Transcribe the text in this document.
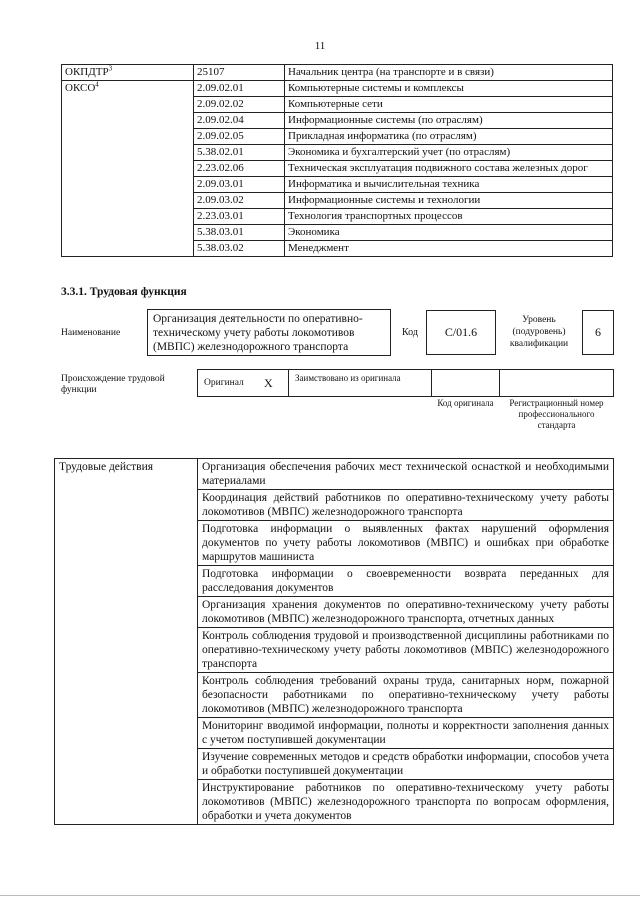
11
ОКПДТР$^3$	25107	Начальник центра (на транспорте и в связи)
ОКСО$^4$	2.09.02.01	Компьютерные системы и комплексы
	2.09.02.02	Компьютерные сети
	2.09.02.04	Информационные системы (по отраслям)
	2.09.02.05	Прикладная информатика (по отраслям)
	5.38.02.01	Экономика и бухгалтерский учет (по отраслям)
	2.23.02.06	Техническая эксплуатация подвижного состава железных дорог
	2.09.03.01	Информатика и вычислительная техника
	2.09.03.02	Информационные системы и технологии
	2.23.03.01	Технология транспортных процессов
	5.38.03.01	Экономика
	5.38.03.02	Менеджмент
3.3.1. Трудовая функция
Наименование
Организация деятельности по оперативно-техническому учету работы локомотивов (МВПС) железнодорожного транспорта
Код С/01.6
Уровень (подуровень) квалификации
6
Происхождение трудовой функции
Оригинал X Заимствовано из оригинала
Код оригинала	Регистрационный номер профессионального стандарта
Трудовые действия	Организация обеспечения рабочих мест технической оснасткой и необходимыми материалами
Координация действий работников по оперативно-техническому учету работы локомотивов (МВПС) железнодорожного транспорта
Подготовка информации о выявленных фактах нарушений оформления документов по учету работы локомотивов (МВПС) и ошибках при обработке маршрутов машиниста
Подготовка информации о своевременности возврата переданных для расследования документов
Организация хранения документов по оперативно-техническому учету работы локомотивов (МВПС) железнодорожного транспорта, отчетных данных
Контроль соблюдения трудовой и производственной дисциплины работниками по оперативно-техническому учету работы локомотивов (МВПС) железнодорожного транспорта
Контроль соблюдения требований охраны труда, санитарных норм, пожарной безопасности работниками по оперативно-техническому учету работы локомотивов (МВПС) железнодорожного транспорта
Мониторинг вводимой информации, полноты и корректности заполнения данных с учетом поступившей документации
Изучение современных методов и средств обработки информации, способов учета и обработки поступившей документации
Инструктирование работников по оперативно-техническому учету работы локомотивов (МВПС) железнодорожного транспорта по вопросам оформления, обработки и учета документов
